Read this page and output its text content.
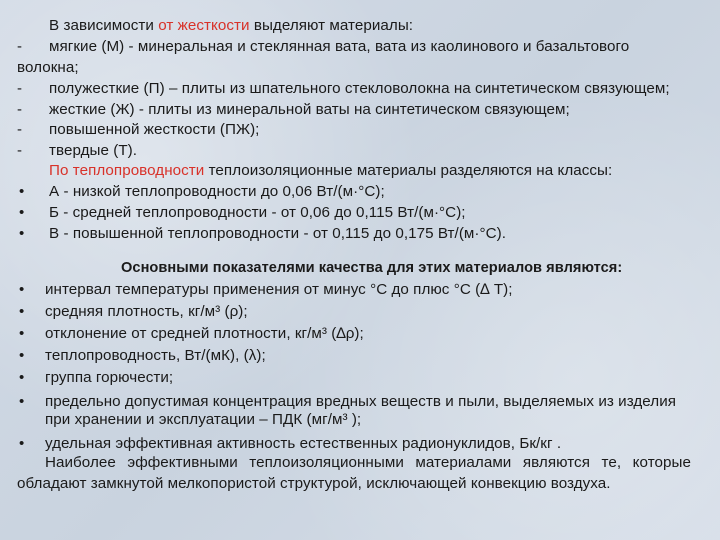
В зависимости от жесткости выделяют материалы:
- мягкие (М) - минеральная и стеклянная вата, вата из каолинового и базальтового
волокна;
- полужесткие (П) – плиты из шпательного стекловолокна на синтетическом связующем;
- жесткие (Ж) - плиты из минеральной ваты на синтетическом связующем;
- повышенной жесткости (ПЖ);
- твердые (Т).
По теплопроводности теплоизоляционные материалы разделяются на классы:
• А - низкой теплопроводности до 0,06 Вт/(м·°С);
• Б - средней теплопроводности - от 0,06 до 0,115 Вт/(м·°С);
• В - повышенной теплопроводности - от 0,115 до 0,175 Вт/(м·°С).
Основными показателями качества для этих материалов являются:
• интервал температуры применения от минус °С до плюс °С (∆ Т);
• средняя плотность, кг/м³ (ρ);
• отклонение от средней плотности, кг/м³ (∆ρ);
• теплопроводность, Вт/(мК), (λ);
• группа горючести;
• предельно допустимая концентрация вредных веществ и пыли, выделяемых из изделия
при хранении и эксплуатации – ПДК (мг/м³ );
• удельная эффективная активность естественных радионуклидов, Бк/кг .
Наиболее эффективными теплоизоляционными материалами являются те, которые
обладают замкнутой мелкопористой структурой, исключающей конвекцию воздуха.
